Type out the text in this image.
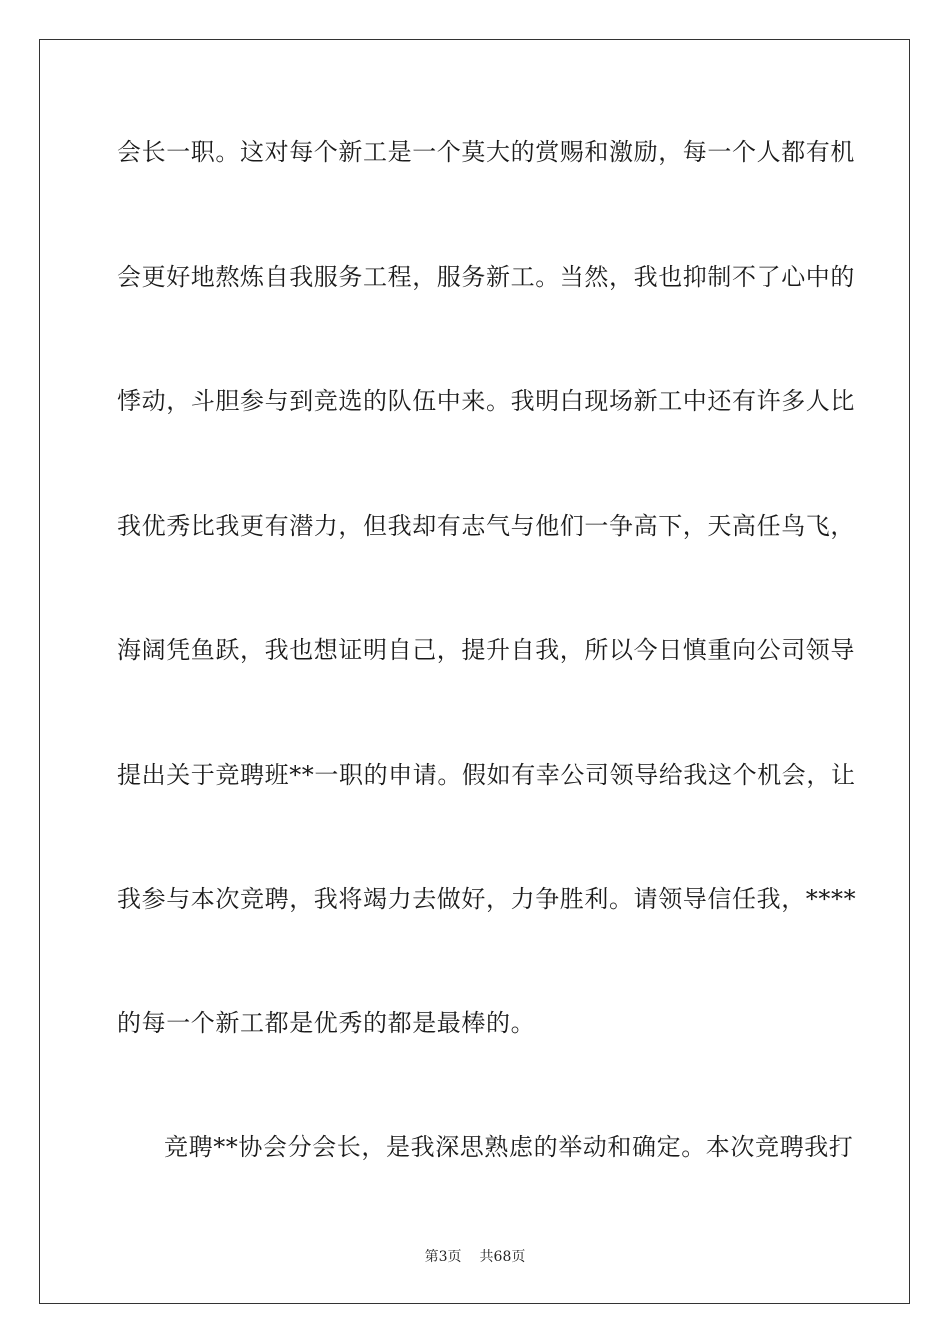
会长一职。这对每个新工是一个莫大的赏赐和激励，每一个人都有机
会更好地熬炼自我服务工程，服务新工。当然，我也抑制不了心中的
悸动，斗胆参与到竞选的队伍中来。我明白现场新工中还有许多人比
我优秀比我更有潜力，但我却有志气与他们一争高下，天高任鸟飞，
海阔凭鱼跃，我也想证明自己，提升自我，所以今日慎重向公司领导
提出关于竞聘班**一职的申请。假如有幸公司领导给我这个机会，让
我参与本次竞聘，我将竭力去做好，力争胜利。请领导信任我，****
的每一个新工都是优秀的都是最棒的。
竞聘**协会分会长，是我深思熟虑的举动和确定。本次竞聘我打
第3页 共68页
